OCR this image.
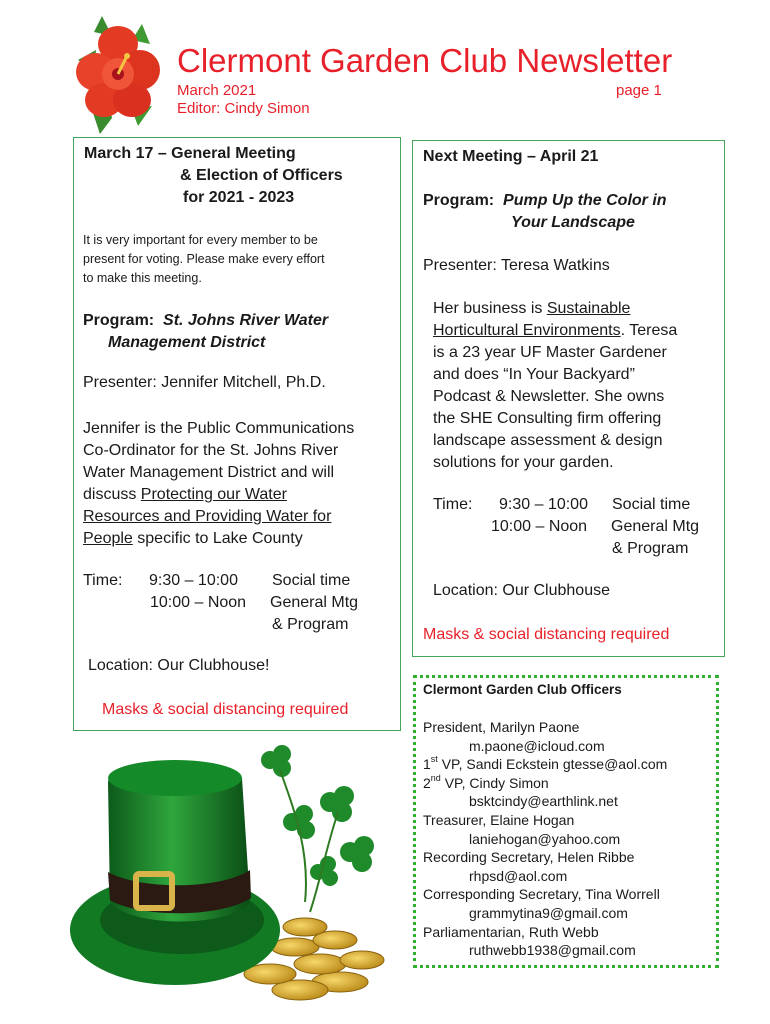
Clermont Garden Club Newsletter
March 2021
Editor: Cindy Simon
page 1
March 17 – General Meeting
& Election of Officers
for 2021 - 2023
It is very important for every member to be
present for voting. Please make every effort
to make this meeting.
Program: St. Johns River Water
Management District
Presenter: Jennifer Mitchell, Ph.D.
Jennifer is the Public Communications
Co-Ordinator for the St. Johns River
Water Management District and will
discuss Protecting our Water
Resources and Providing Water for
People specific to Lake County
Time: 9:30 – 10:00 Social time
10:00 – Noon General Mtg
& Program
Location: Our Clubhouse!
Masks & social distancing required
Next Meeting – April 21
Program: Pump Up the Color in
Your Landscape
Presenter: Teresa Watkins
Her business is Sustainable
Horticultural Environments. Teresa
is a 23 year UF Master Gardener
and does “In Your Backyard”
Podcast & Newsletter. She owns
the SHE Consulting firm offering
landscape assessment & design
solutions for your garden.
Time: 9:30 – 10:00 Social time
10:00 – Noon General Mtg
& Program
Location: Our Clubhouse
Masks & social distancing required
Clermont Garden Club Officers
President, Marilyn Paone
m.paone@icloud.com
1st VP, Sandi Eckstein gtesse@aol.com
2nd VP, Cindy Simon
bsktcindy@earthlink.net
Treasurer, Elaine Hogan
laniehogan@yahoo.com
Recording Secretary, Helen Ribbe
rhpsd@aol.com
Corresponding Secretary, Tina Worrell
grammytina9@gmail.com
Parliamentarian, Ruth Webb
ruthwebb1938@gmail.com
